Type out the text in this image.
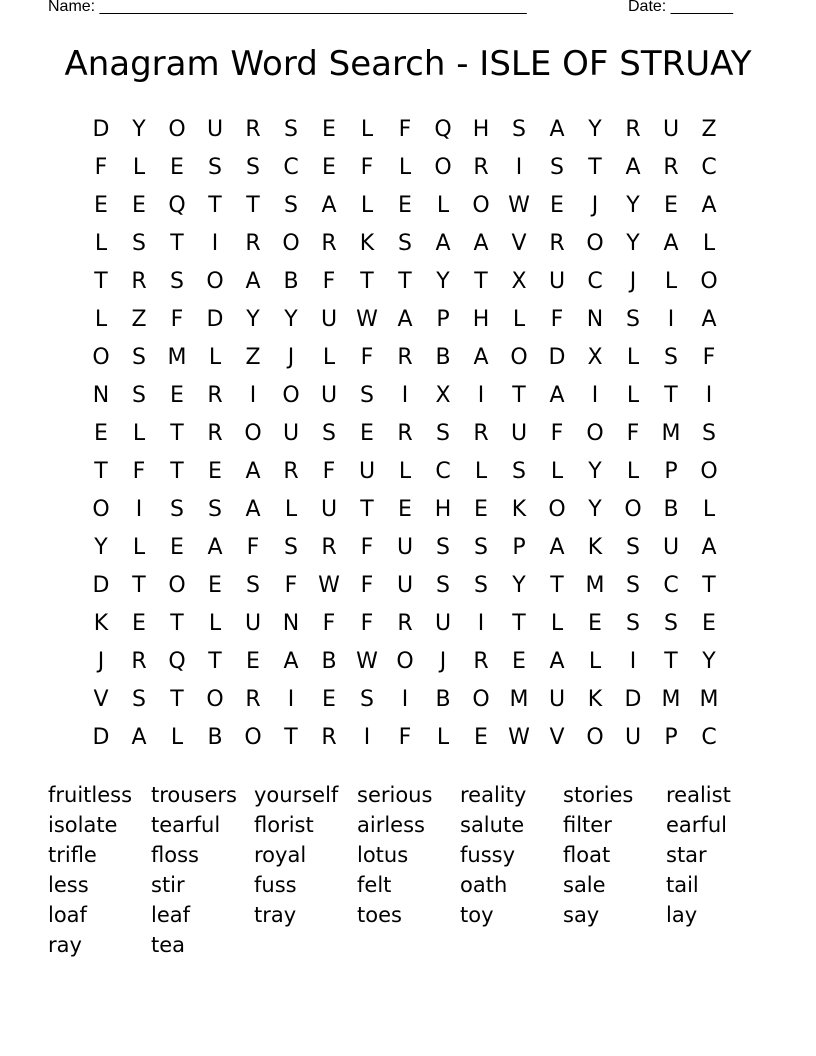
Name: ________________________________________________	Date: _______
Anagram Word Search - ISLE OF STRUAY
D	Y	O U	R	S	E	L	F	Q H	S	A	Y	R	U	Z
F	L	E	S	S	C	E	F	L	O R	I	S	T	A	R	C
E	E	Q	T	T	S	A	L	E	L	O W E	J	Y	E	A
L	S	T	I	R O R	K	S	A	A	V	R O	Y	A	L
T	R	S	O A	B	F	T	T	Y	T	X	U	C	J	L	O
L	Z	F	D	Y	Y	U W A	P	H	L	F	N	S	I	A
O	S M	L	Z	J	L	F	R	B	A O D X	L	S	F
N	S	E	R	I	O U	S	I	X	I	T	A	I	L	T	I
E	L	T	R O U	S	E	R	S	R	U	F	O	F	M S
T	F	T	E	A	R	F	U	L	C	L	S	L	Y	L	P	O
O	I	S	S	A	L	U	T	E	H	E	K	O	Y	O B	L
Y	L	E	A	F	S	R	F	U	S	S	P	A	K	S	U	A
D	T	O	E	S	F W F	U	S	S	Y	T M S	C	T
K	E	T	L	U N	F	F	R	U	I	T	L	E	S	S	E
J	R Q	T	E	A	B W O	J	R	E	A	L	I	T	Y
V	S	T	O R	I	E	S	I	B O M U	K	D M M
D	A	L	B O	T	R	I	F	L	E W V O U	P	C
fruitless trousers yourself serious	reality	stories	realist
isolate	tearful	florist	airless	salute	filter	earful
trifle	floss	royal	lotus	fussy	float	star
less	stir	fuss	felt	oath	sale	tail
loaf	leaf	tray	toes	toy	say	lay
ray	tea
